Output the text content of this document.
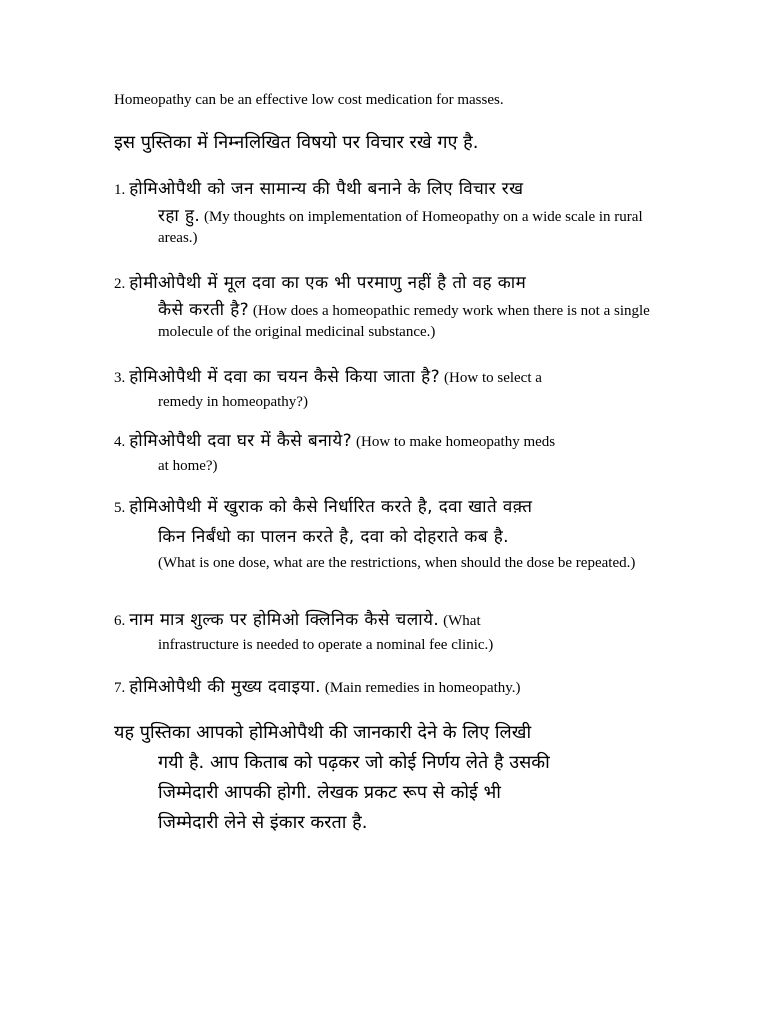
Homeopathy can be an effective low cost medication for masses.
इस पुस्तिका में निम्नलिखित विषयो पर विचार रखे गए है.
1. होमिओपैथी को जन सामान्य की पैथी बनाने के लिए विचार रख
रहा हु. (My thoughts on implementation of Homeopathy on a wide scale in rural areas.)
2. होमीओपैथी में मूल दवा का एक भी परमाणु नहीं है तो वह काम
कैसे करती है? (How does a homeopathic remedy work when there is not a single molecule of the original medicinal substance.)
3. होमिओपैथी में दवा का चयन कैसे किया जाता है? (How to select a
remedy in homeopathy?)
4. होमिओपैथी दवा घर में कैसे बनाये? (How to make homeopathy meds
at home?)
5. होमिओपैथी में खुराक को कैसे निर्धारित करते है, दवा खाते वक़्त
किन निर्बंधो का पालन करते है, दवा को दोहराते कब है.
(What is one dose, what are the restrictions, when should the dose be repeated.)
6. नाम मात्र शुल्क पर होमिओ क्लिनिक कैसे चलाये. (What
infrastructure is needed to operate a nominal fee clinic.)
7. होमिओपैथी की मुख्य दवाइया. (Main remedies in homeopathy.)
यह पुस्तिका आपको होमिओपैथी की जानकारी देने के लिए लिखी
गयी है. आप किताब को पढ़कर जो कोई निर्णय लेते है उसकी
जिम्मेदारी आपकी होगी. लेखक प्रकट रूप से कोई भी
जिम्मेदारी लेने से इंकार करता है.
